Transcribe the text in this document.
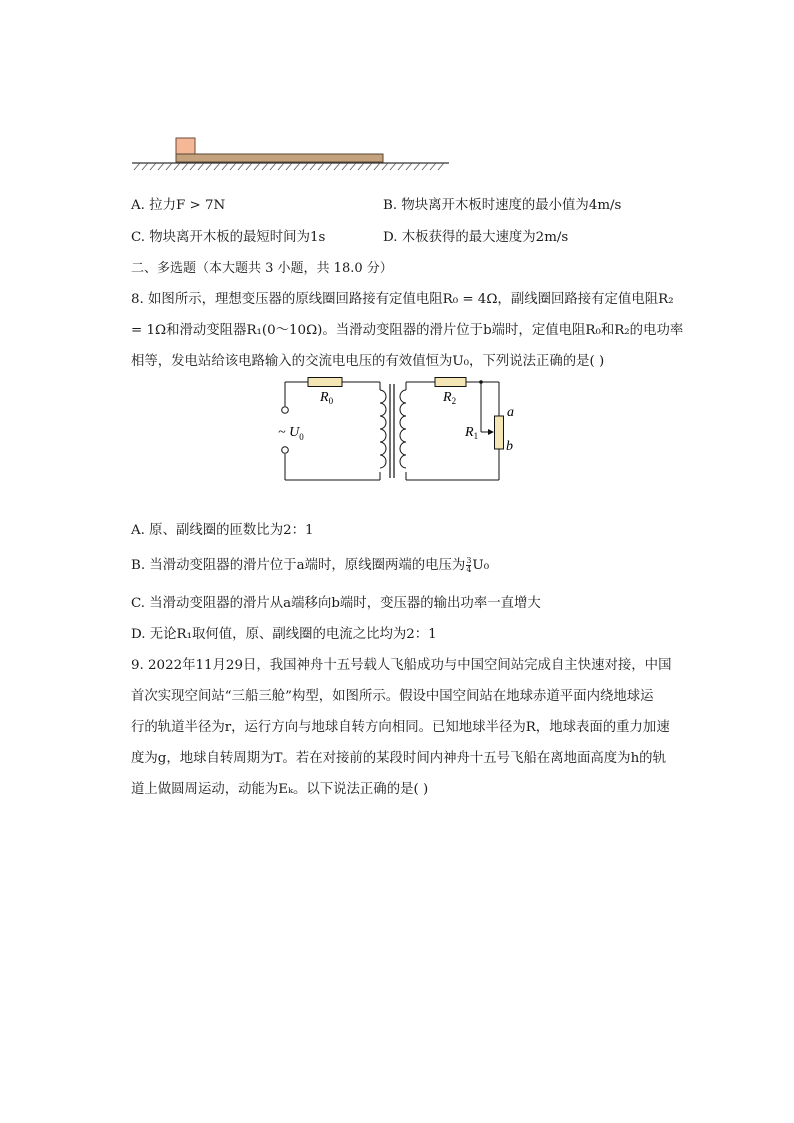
A. 拉力F > 7N	B. 物块离开木板时速度的最小值为4m/s
C. 物块离开木板的最短时间为1s	D. 木板获得的最大速度为2m/s
二、多选题（本大题共 3 小题，共 18.0 分）
8. 如图所示，理想变压器的原线圈回路接有定值电阻R₀ = 4Ω，副线圈回路接有定值电阻R₂
= 1Ω和滑动变阻器R₁(0～10Ω)。当滑动变阻器的滑片位于b端时，定值电阻R₀和R₂的电功率
相等，发电站给该电路输入的交流电电压的有效值恒为U₀，下列说法正确的是( )
$R_0$	$R_2$
$R_1$
a
b
~ $U_0$
A. 原、副线圈的匝数比为2：1
B. 当滑动变阻器的滑片位于a端时，原线圈两端的电压为 $\frac{3}{4} U_0$
C. 当滑动变阻器的滑片从a端移向b端时，变压器的输出功率一直增大
D. 无论R₁取何值，原、副线圈的电流之比均为2：1
9. 2022年11月29日，我国神舟十五号载人飞船成功与中国空间站完成自主快速对接，中国
首次实现空间站“三船三舱”构型，如图所示。假设中国空间站在地球赤道平面内绕地球运
行的轨道半径为r，运行方向与地球自转方向相同。已知地球半径为R，地球表面的重力加速
度为g，地球自转周期为T。若在对接前的某段时间内神舟十五号飞船在离地面高度为h的轨
道上做圆周运动，动能为Eₖ。以下说法正确的是( )
